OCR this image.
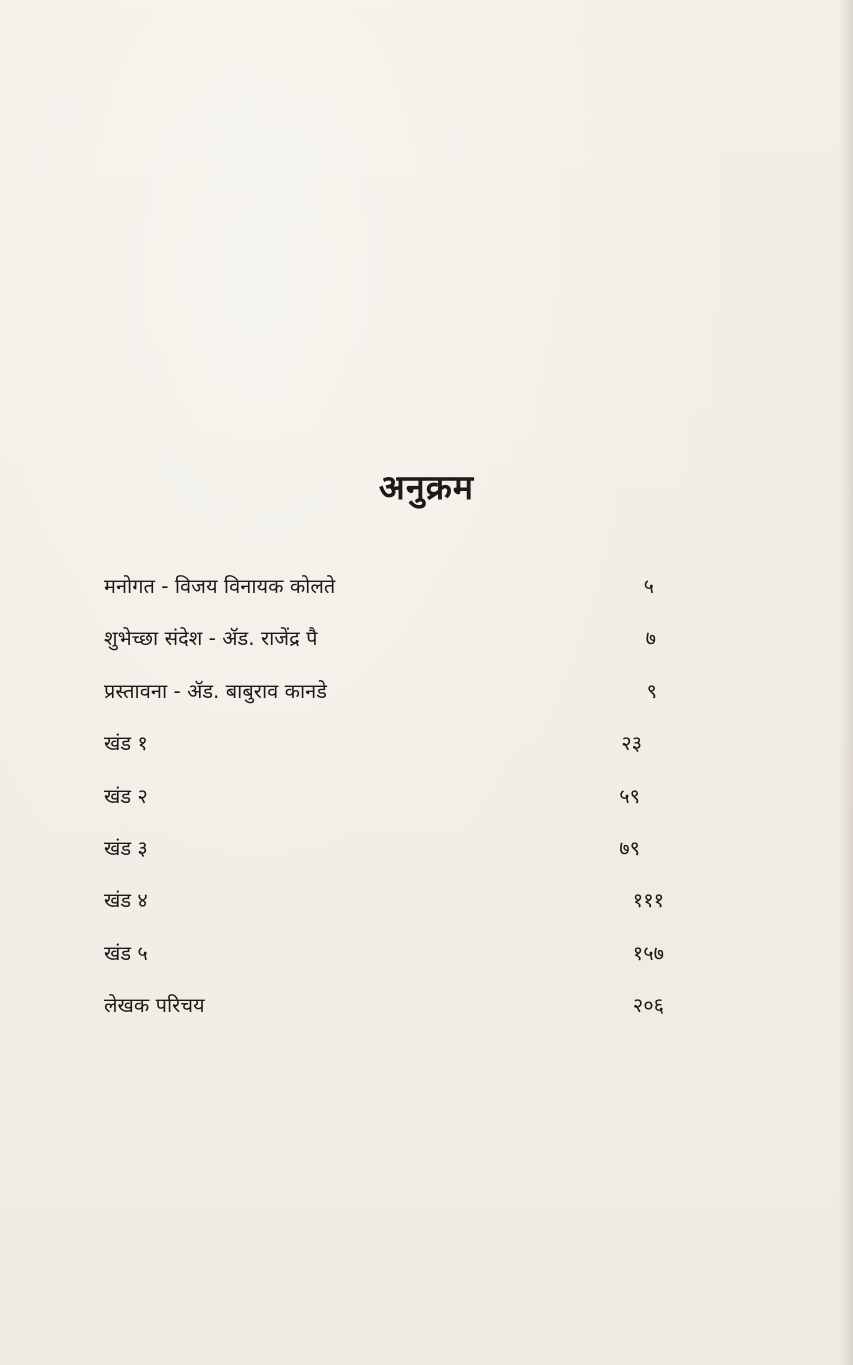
अनुक्रम
मनोगत - विजय विनायक कोलते	५
शुभेच्छा संदेश - ॲड. राजेंद्र पै	७
प्रस्तावना - ॲड. बाबुराव कानडे	९
खंड १	२३
खंड २	५९
खंड ३	७९
खंड ४	१११
खंड ५	१५७
लेखक परिचय	२०६
